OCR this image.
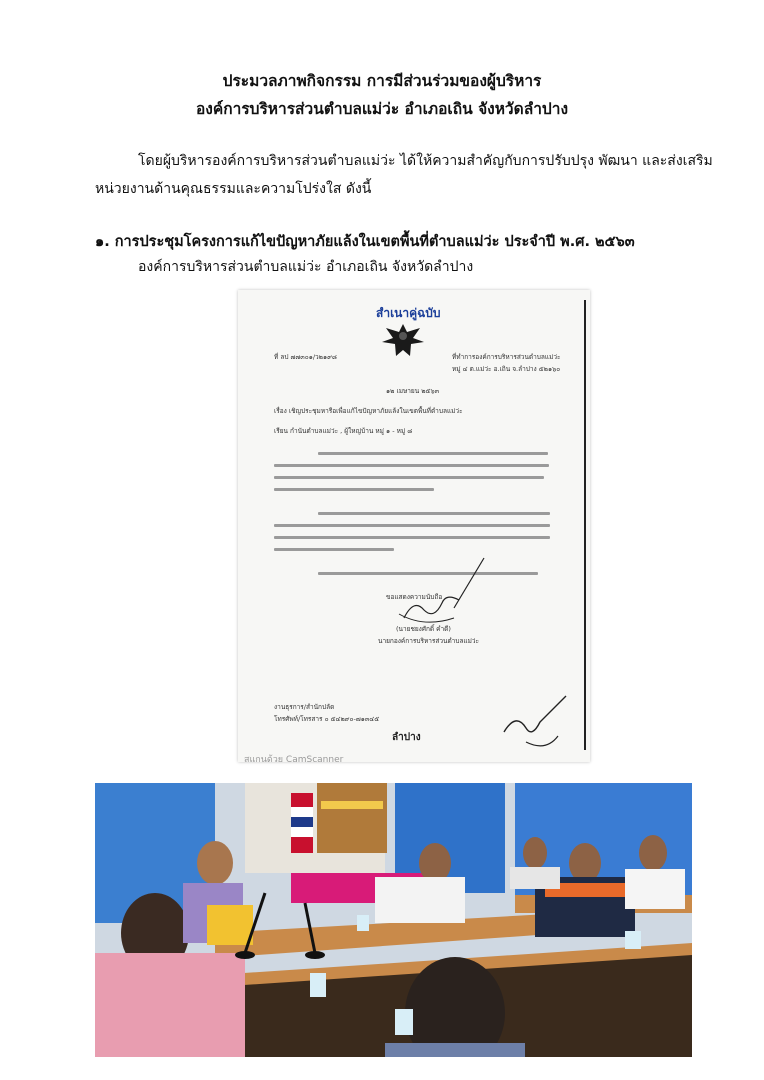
ประมวลภาพกิจกรรม การมีส่วนร่วมของผู้บริหาร
องค์การบริหารส่วนตำบลแม่ว่ะ อำเภอเถิน จังหวัดลำปาง
โดยผู้บริหารองค์การบริหารส่วนตำบลแม่ว่ะ ได้ให้ความสำคัญกับการปรับปรุง พัฒนา และส่งเสริม
หน่วยงานด้านคุณธรรมและความโปร่งใส ดังนี้
๑. การประชุมโครงการแก้ไขปัญหาภัยแล้งในเขตพื้นที่ตำบลแม่ว่ะ ประจำปี พ.ศ. ๒๕๖๓
องค์การบริหารส่วนตำบลแม่ว่ะ อำเภอเถิน จังหวัดลำปาง
สำเนาคู่ฉบับ
ที่ ลป ๗๗๓๐๑/ว๒๑๙๘	ที่ทำการองค์การบริหารส่วนตำบลแม่ว่ะ
หมู่ ๔ ต.แม่ว่ะ อ.เถิน จ.ลำปาง ๕๒๑๖๐
๑๒ เมษายน ๒๕๖๓
เรื่อง เชิญประชุมหารือเพื่อแก้ไขปัญหาภัยแล้งในเขตพื้นที่ตำบลแม่ว่ะ
เรียน กำนันตำบลแม่ว่ะ , ผู้ใหญ่บ้าน หมู่ ๑ - หมู่ ๘
ขอแสดงความนับถือ
(นายชยงศักดิ์ คำดี)
นายกองค์การบริหารส่วนตำบลแม่ว่ะ
งานธุรการ/สำนักปลัด
โทรศัพท์/โทรสาร ๐ ๕๔๒๙๐-๗๑๓๔๕
ลำปาง
สแกนด้วย CamScanner
